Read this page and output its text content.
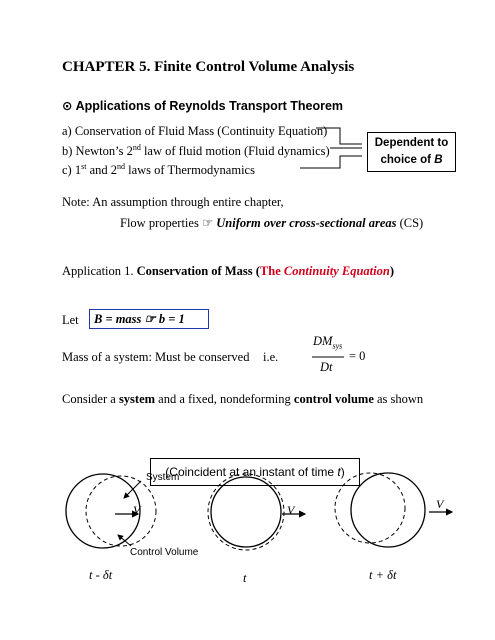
CHAPTER 5. Finite Control Volume Analysis
⊙ Applications of Reynolds Transport Theorem
a) Conservation of Fluid Mass (Continuity Equation)
b) Newton’s 2nd law of fluid motion (Fluid dynamics)
c) 1st and 2nd laws of Thermodynamics
Dependent to
choice of B
Note: An assumption through entire chapter,
Flow properties ☞ Uniform over cross-sectional areas (CS)
Application 1. Conservation of Mass (The Continuity Equation)
Let	B = mass ☞ b = 1
Mass of a system: Must be conserved i.e.
$DM_{sys}$
Dt
= 0
Consider a system and a fixed, nondeforming control volume as shown
(Coincident at an instant of time t)
System
Control Volume
V	V	V
t - δt	t	t + δt
